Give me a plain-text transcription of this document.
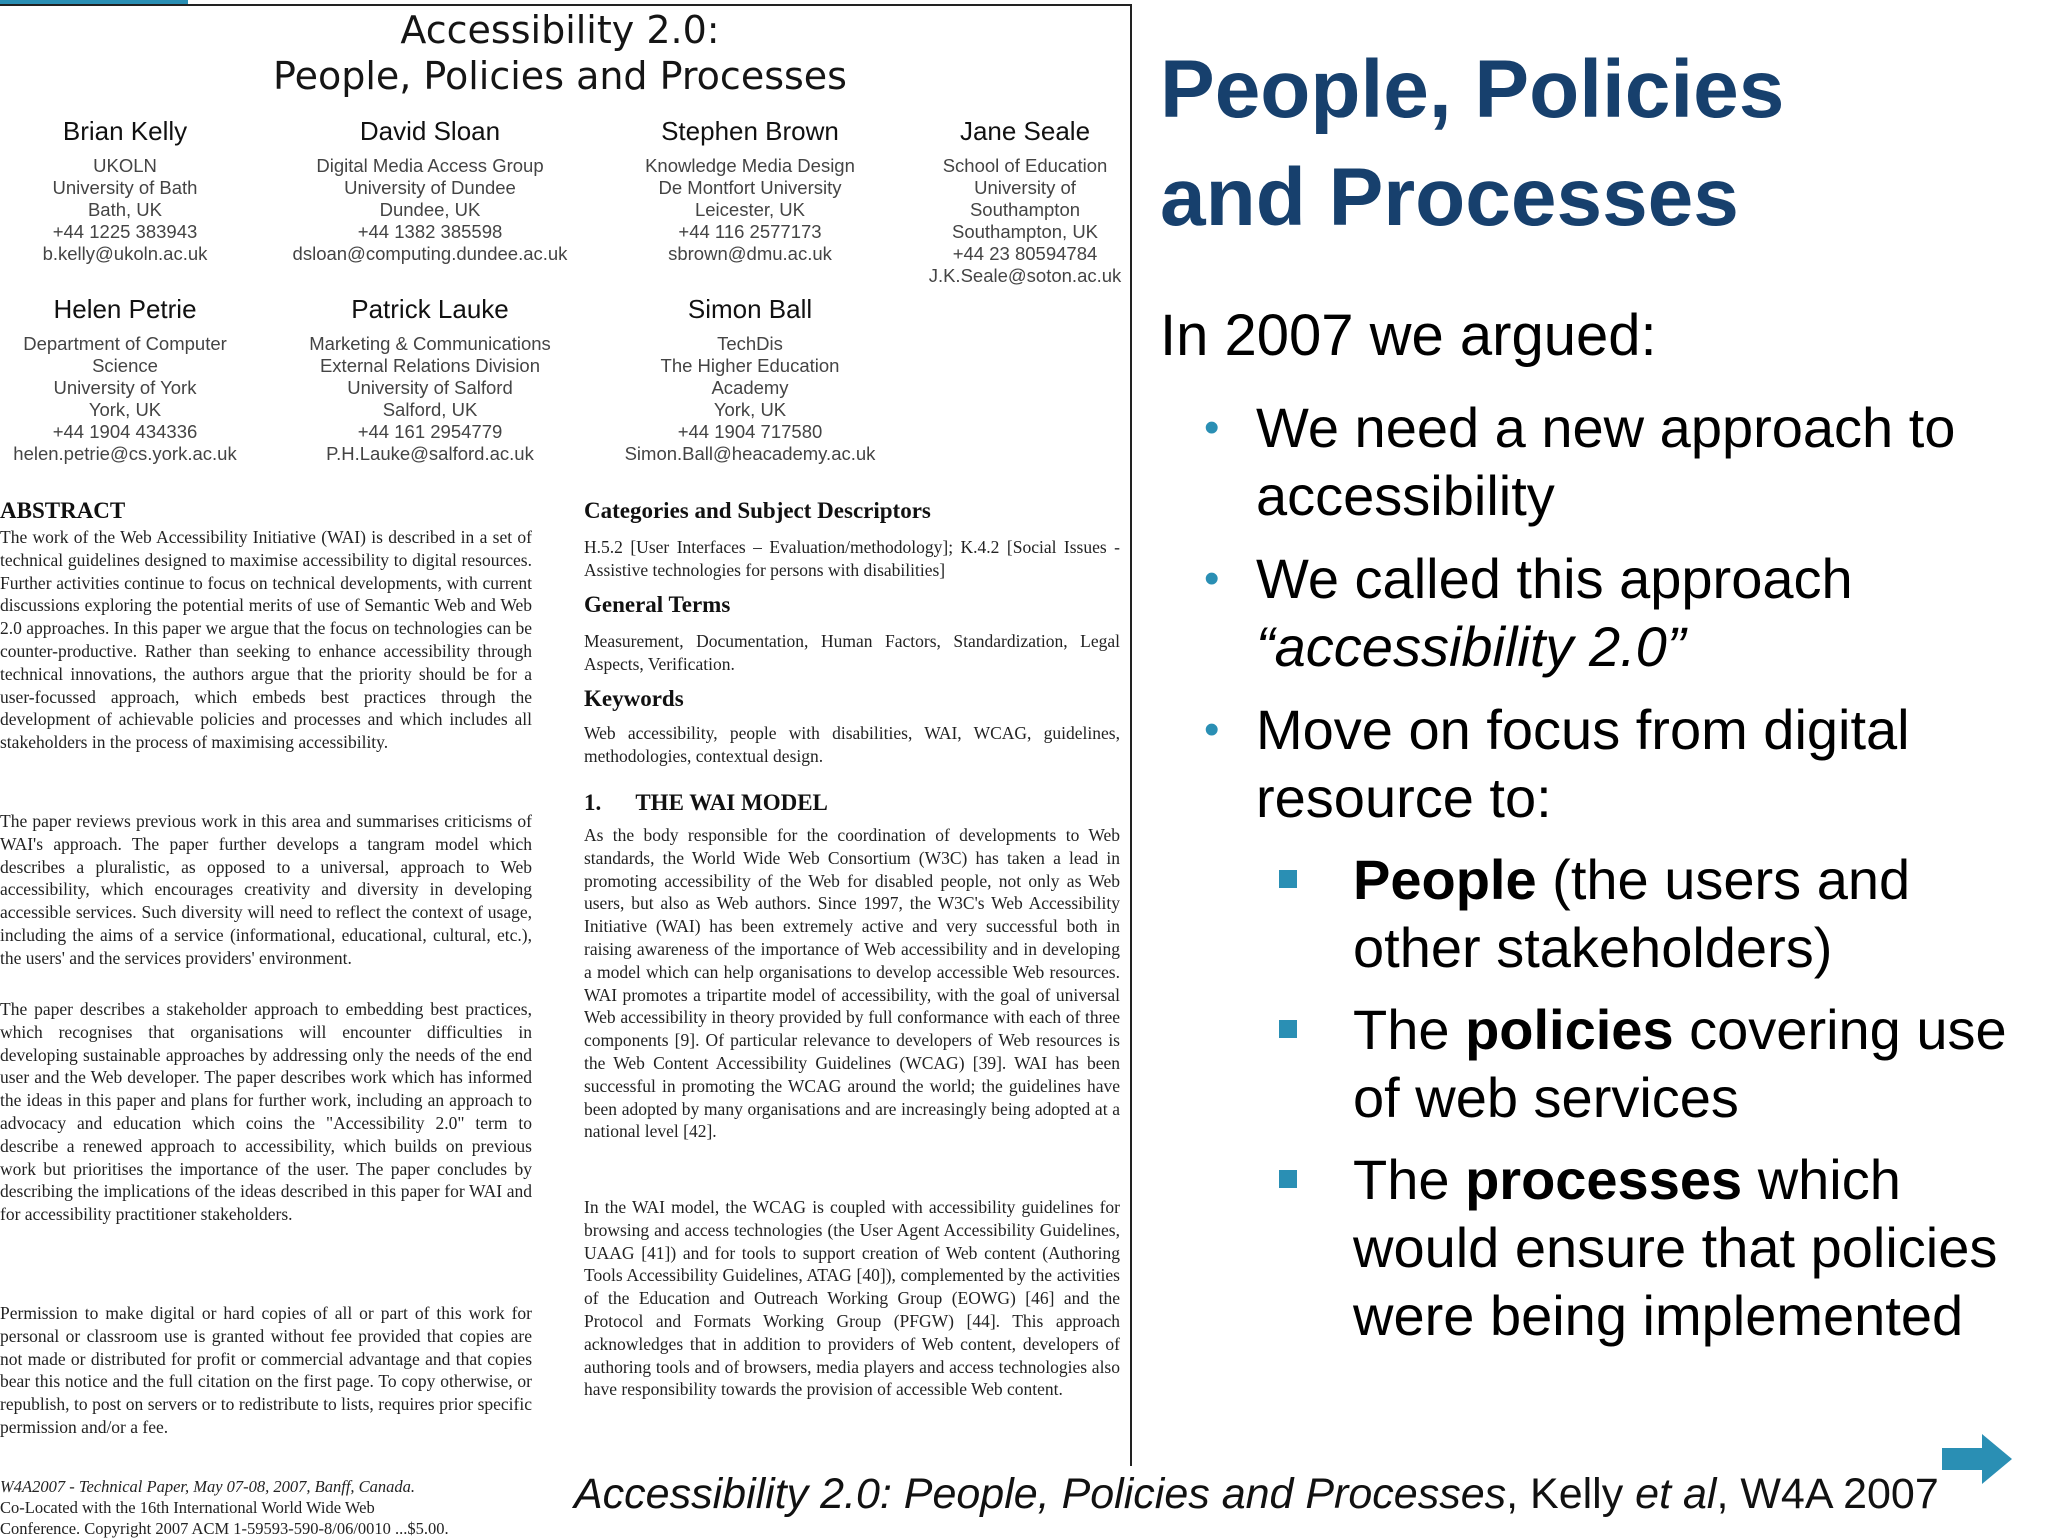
Accessibility 2.0:
People, Policies and Processes
Brian Kelly
UKOLN
University of Bath
Bath, UK
+44 1225 383943
b.kelly@ukoln.ac.uk
David Sloan
Digital Media Access Group
University of Dundee
Dundee, UK
+44 1382 385598
dsloan@computing.dundee.ac.uk
Stephen Brown
Knowledge Media Design
De Montfort University
Leicester, UK
+44 116 2577173
sbrown@dmu.ac.uk
Jane Seale
School of Education
University of
Southampton
Southampton, UK
+44 23 80594784
J.K.Seale@soton.ac.uk
Helen Petrie
Department of Computer
Science
University of York
York, UK
+44 1904 434336
helen.petrie@cs.york.ac.uk
Patrick Lauke
Marketing & Communications
External Relations Division
University of Salford
Salford, UK
+44 161 2954779
P.H.Lauke@salford.ac.uk
Simon Ball
TechDis
The Higher Education
Academy
York, UK
+44 1904 717580
Simon.Ball@heacademy.ac.uk
ABSTRACT
The work of the Web Accessibility Initiative (WAI) is described in a set of technical guidelines designed to maximise accessibility to digital resources. Further activities continue to focus on technical developments, with current discussions exploring the potential merits of use of Semantic Web and Web 2.0 approaches. In this paper we argue that the focus on technologies can be counter-productive. Rather than seeking to enhance accessibility through technical innovations, the authors argue that the priority should be for a user-focussed approach, which embeds best practices through the development of achievable policies and processes and which includes all stakeholders in the process of maximising accessibility.
The paper reviews previous work in this area and summarises criticisms of WAI's approach. The paper further develops a tangram model which describes a pluralistic, as opposed to a universal, approach to Web accessibility, which encourages creativity and diversity in developing accessible services. Such diversity will need to reflect the context of usage, including the aims of a service (informational, educational, cultural, etc.), the users' and the services providers' environment.
The paper describes a stakeholder approach to embedding best practices, which recognises that organisations will encounter difficulties in developing sustainable approaches by addressing only the needs of the end user and the Web developer. The paper describes work which has informed the ideas in this paper and plans for further work, including an approach to advocacy and education which coins the "Accessibility 2.0" term to describe a renewed approach to accessibility, which builds on previous work but prioritises the importance of the user. The paper concludes by describing the implications of the ideas described in this paper for WAI and for accessibility practitioner stakeholders.
Permission to make digital or hard copies of all or part of this work for personal or classroom use is granted without fee provided that copies are not made or distributed for profit or commercial advantage and that copies bear this notice and the full citation on the first page. To copy otherwise, or republish, to post on servers or to redistribute to lists, requires prior specific permission and/or a fee.
W4A2007 - Technical Paper, May 07-08, 2007, Banff, Canada.
Co-Located with the 16th International World Wide Web
Conference. Copyright 2007 ACM 1-59593-590-8/06/0010 ...$5.00.
Categories and Subject Descriptors
H.5.2 [User Interfaces – Evaluation/methodology]; K.4.2 [Social Issues - Assistive technologies for persons with disabilities]
General Terms
Measurement, Documentation, Human Factors, Standardization, Legal Aspects, Verification.
Keywords
Web accessibility, people with disabilities, WAI, WCAG, guidelines, methodologies, contextual design.
1.      THE WAI MODEL
As the body responsible for the coordination of developments to Web standards, the World Wide Web Consortium (W3C) has taken a lead in promoting accessibility of the Web for disabled people, not only as Web users, but also as Web authors. Since 1997, the W3C's Web Accessibility Initiative (WAI) has been extremely active and very successful both in raising awareness of the importance of Web accessibility and in developing a model which can help organisations to develop accessible Web resources. WAI promotes a tripartite model of accessibility, with the goal of universal Web accessibility in theory provided by full conformance with each of three components [9]. Of particular relevance to developers of Web resources is the Web Content Accessibility Guidelines (WCAG) [39]. WAI has been successful in promoting the WCAG around the world; the guidelines have been adopted by many organisations and are increasingly being adopted at a national level [42].
In the WAI model, the WCAG is coupled with accessibility guidelines for browsing and access technologies (the User Agent Accessibility Guidelines, UAAG [41]) and for tools to support creation of Web content (Authoring Tools Accessibility Guidelines, ATAG [40]), complemented by the activities of the Education and Outreach Working Group (EOWG) [46] and the Protocol and Formats Working Group (PFGW) [44]. This approach acknowledges that in addition to providers of Web content, developers of authoring tools and of browsers, media players and access technologies also have responsibility towards the provision of accessible Web content.
People, Policies
and Processes
In 2007 we argued:
• We need a new approach to accessibility
• We called this approach
“accessibility 2.0”
• Move on focus from digital resource to:
People (the users and other stakeholders)
The policies covering use of web services
The processes which would ensure that policies were being implemented
Accessibility 2.0: People, Policies and Processes, Kelly et al, W4A 2007
